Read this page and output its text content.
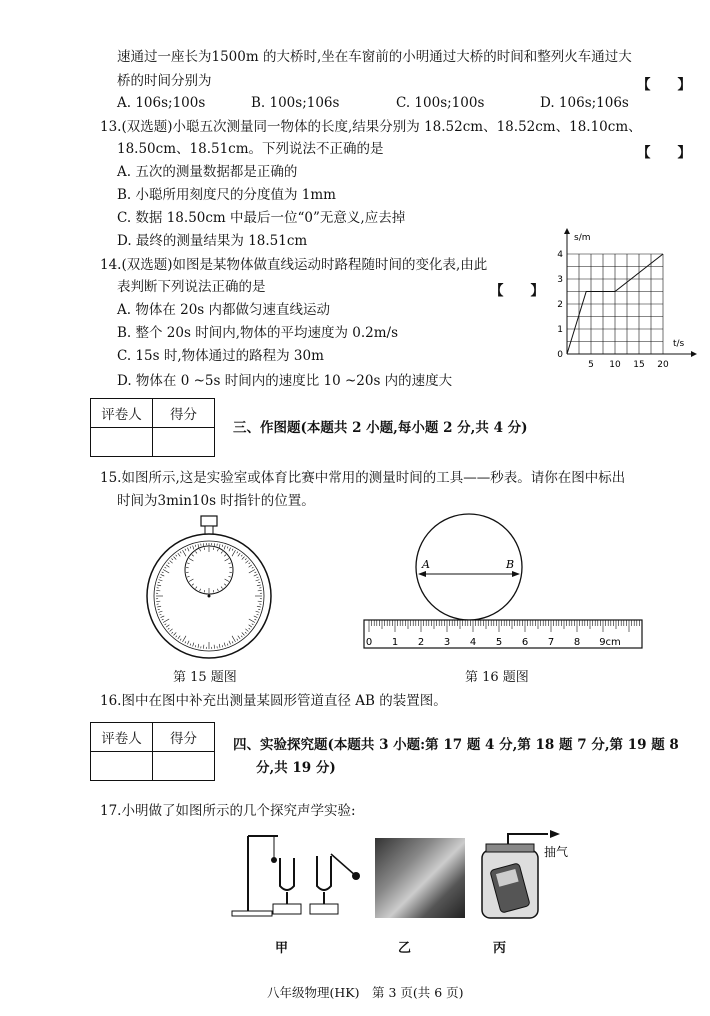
速通过一座长为1500m 的大桥时,坐在车窗前的小明通过大桥的时间和整列火车通过大
桥的时间分别为	【　　】
A. 106s;100s	B. 100s;106s	C. 100s;100s	D. 106s;106s
13.(双选题)小聪五次测量同一物体的长度,结果分别为 18.52cm、18.52cm、18.10cm、
18.50cm、18.51cm。下列说法不正确的是	【　　】
A. 五次的测量数据都是正确的
B. 小聪所用刻度尺的分度值为 1mm
C. 数据 18.50cm 中最后一位“0”无意义,应去掉
D. 最终的测量结果为 18.51cm
14.(双选题)如图是某物体做直线运动时路程随时间的变化表,由此
表判断下列说法正确的是	【　　】
A. 物体在 20s 内都做匀速直线运动
B. 整个 20s 时间内,物体的平均速度为 0.2m/s
C. 15s 时,物体通过的路程为 30m
D. 物体在 0 ~5s 时间内的速度比 10 ~20s 内的速度大
s/m
t/s
5 10 15 20
0
1
2
3
4
评卷人	得分

三、作图题(本题共 2 小题,每小题 2 分,共 4 分)
15.如图所示,这是实验室或体育比赛中常用的测量时间的工具——秒表。请你在图中标出
时间为3min10s 时指针的位置。
第 15 题图
A	B
0 1 2 3 4 5 6 7 8 9cm
第 16 题图
16.图中在图中补充出测量某圆形管道直径 AB 的装置图。
评卷人	得分
		四、实验探究题(本题共 3 小题:第 17 题 4 分,第 18 题 7 分,第 19 题 8
分,共 19 分)
17.小明做了如图所示的几个探究声学实验:
甲	乙
抽气
丙
八年级物理(HK)　第 3 页(共 6 页)
